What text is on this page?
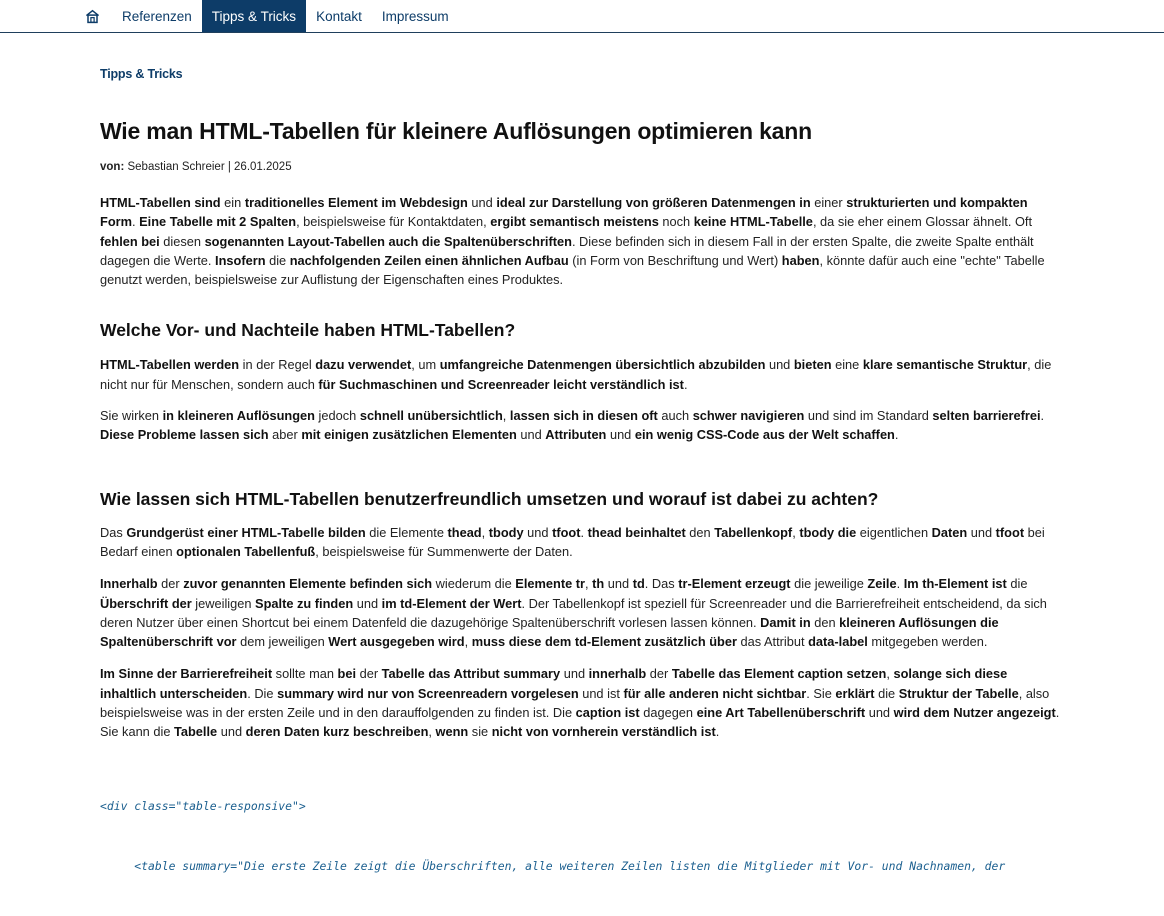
Referenzen	Tipps & Tricks	Kontakt	Impressum
Tipps & Tricks
Wie man HTML-Tabellen für kleinere Auflösungen optimieren kann
von: Sebastian Schreier | 26.01.2025

HTML-Tabellen sind ein traditionelles Element im Webdesign und ideal zur Darstellung von größeren Datenmengen in einer strukturierten und kompakten Form. Eine Tabelle mit 2 Spalten, beispielsweise für Kontaktdaten, ergibt semantisch meistens noch keine HTML-Tabelle, da sie eher einem Glossar ähnelt. Oft fehlen bei diesen sogenannten Layout-Tabellen auch die Spaltenüberschriften. Diese befinden sich in diesem Fall in der ersten Spalte, die zweite Spalte enthält dagegen die Werte. Insofern die nachfolgenden Zeilen einen ähnlichen Aufbau (in Form von Beschriftung und Wert) haben, könnte dafür auch eine "echte" Tabelle genutzt werden, beispielsweise zur Auflistung der Eigenschaften eines Produktes.

Welche Vor- und Nachteile haben HTML-Tabellen?

HTML-Tabellen werden in der Regel dazu verwendet, um umfangreiche Datenmengen übersichtlich abzubilden und bieten eine klare semantische Struktur, die nicht nur für Menschen, sondern auch für Suchmaschinen und Screenreader leicht verständlich ist.

Sie wirken in kleineren Auflösungen jedoch schnell unübersichtlich, lassen sich in diesen oft auch schwer navigieren und sind im Standard selten barrierefrei. Diese Probleme lassen sich aber mit einigen zusätzlichen Elementen und Attributen und ein wenig CSS-Code aus der Welt schaffen.

Wie lassen sich HTML-Tabellen benutzerfreundlich umsetzen und worauf ist dabei zu achten?

Das Grundgerüst einer HTML-Tabelle bilden die Elemente thead, tbody und tfoot. thead beinhaltet den Tabellenkopf, tbody die eigentlichen Daten und tfoot bei Bedarf einen optionalen Tabellenfuß, beispielsweise für Summenwerte der Daten.

Innerhalb der zuvor genannten Elemente befinden sich wiederum die Elemente tr, th und td. Das tr-Element erzeugt die jeweilige Zeile. Im th-Element ist die Überschrift der jeweiligen Spalte zu finden und im td-Element der Wert. Der Tabellenkopf ist speziell für Screenreader und die Barrierefreiheit entscheidend, da sich deren Nutzer über einen Shortcut bei einem Datenfeld die dazugehörige Spaltenüberschrift vorlesen lassen können. Damit in den kleineren Auflösungen die Spaltenüberschrift vor dem jeweiligen Wert ausgegeben wird, muss diese dem td-Element zusätzlich über das Attribut data-label mitgegeben werden.

Im Sinne der Barrierefreiheit sollte man bei der Tabelle das Attribut summary und innerhalb der Tabelle das Element caption setzen, solange sich diese inhaltlich unterscheiden. Die summary wird nur von Screenreadern vorgelesen und ist für alle anderen nicht sichtbar. Sie erklärt die Struktur der Tabelle, also beispielsweise was in der ersten Zeile und in den darauffolgenden zu finden ist. Die caption ist dagegen eine Art Tabellenüberschrift und wird dem Nutzer angezeigt. Sie kann die Tabelle und deren Daten kurz beschreiben, wenn sie nicht von vornherein verständlich ist.

<div class="table-responsive">

<table summary="Die erste Zeile zeigt die Überschriften, alle weiteren Zeilen listen die Mitglieder mit Vor- und Nachnamen, der
